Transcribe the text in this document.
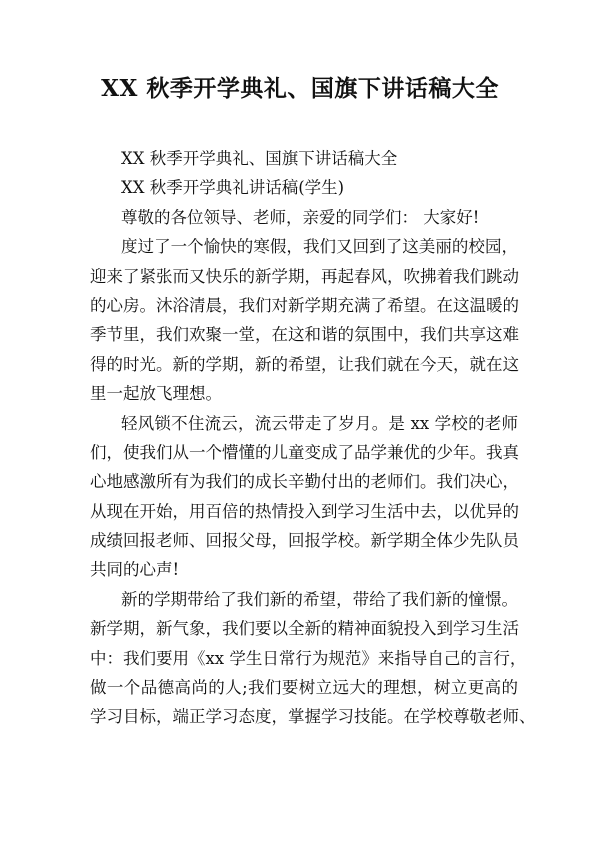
XX 秋季开学典礼、国旗下讲话稿大全
XX 秋季开学典礼、国旗下讲话稿大全
XX 秋季开学典礼讲话稿(学生)
尊敬的各位领导、老师，亲爱的同学们： 大家好!
度过了一个愉快的寒假，我们又回到了这美丽的校园，
迎来了紧张而又快乐的新学期，再起春风，吹拂着我们跳动
的心房。沐浴清晨，我们对新学期充满了希望。在这温暖的
季节里，我们欢聚一堂，在这和谐的氛围中，我们共享这难
得的时光。新的学期，新的希望，让我们就在今天，就在这
里一起放飞理想。
轻风锁不住流云，流云带走了岁月。是 xx 学校的老师
们，使我们从一个懵懂的儿童变成了品学兼优的少年。我真
心地感激所有为我们的成长辛勤付出的老师们。我们决心，
从现在开始，用百倍的热情投入到学习生活中去，以优异的
成绩回报老师、回报父母，回报学校。新学期全体少先队员
共同的心声!
新的学期带给了我们新的希望，带给了我们新的憧憬。
新学期，新气象，我们要以全新的精神面貌投入到学习生活
中：我们要用《xx 学生日常行为规范》来指导自己的言行，
做一个品德高尚的人;我们要树立远大的理想，树立更高的
学习目标，端正学习态度，掌握学习技能。在学校尊敬老师、
